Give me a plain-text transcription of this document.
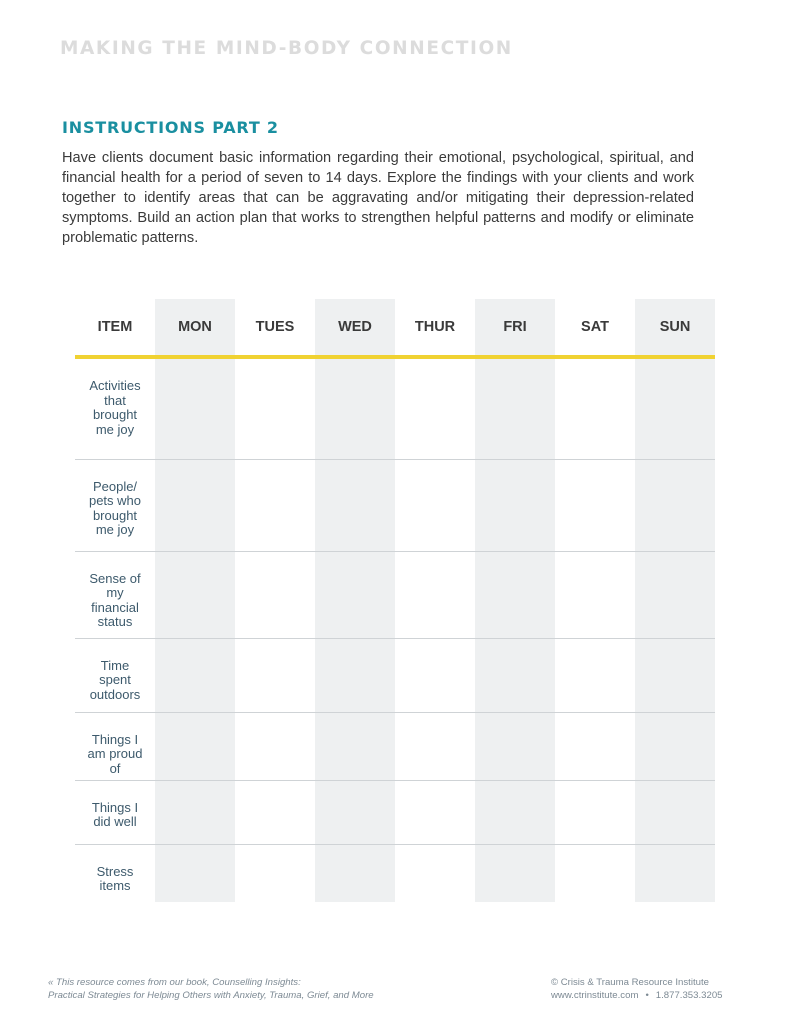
MAKING THE MIND-BODY CONNECTION
INSTRUCTIONS PART 2

Have clients document basic information regarding their emotional, psychological, spiritual, and financial health for a period of seven to 14 days. Explore the findings with your clients and work together to identify areas that can be aggravating and/or mitigating their depression-related symptoms. Build an action plan that works to strengthen helpful patterns and modify or eliminate problematic patterns.

ITEM	MON	TUES	WED	THUR	FRI	SAT	SUN

Activities that brought me joy							

People/ pets who brought me joy							

Sense of my financial status							

Time spent outdoors							

Things I am proud of							

Things I did well							

Stress items							

« This resource comes from our book, Counselling Insights:
Practical Strategies for Helping Others with Anxiety, Trauma, Grief, and More
© Crisis & Trauma Resource Institute
www.ctrinstitute.com • 1.877.353.3205
